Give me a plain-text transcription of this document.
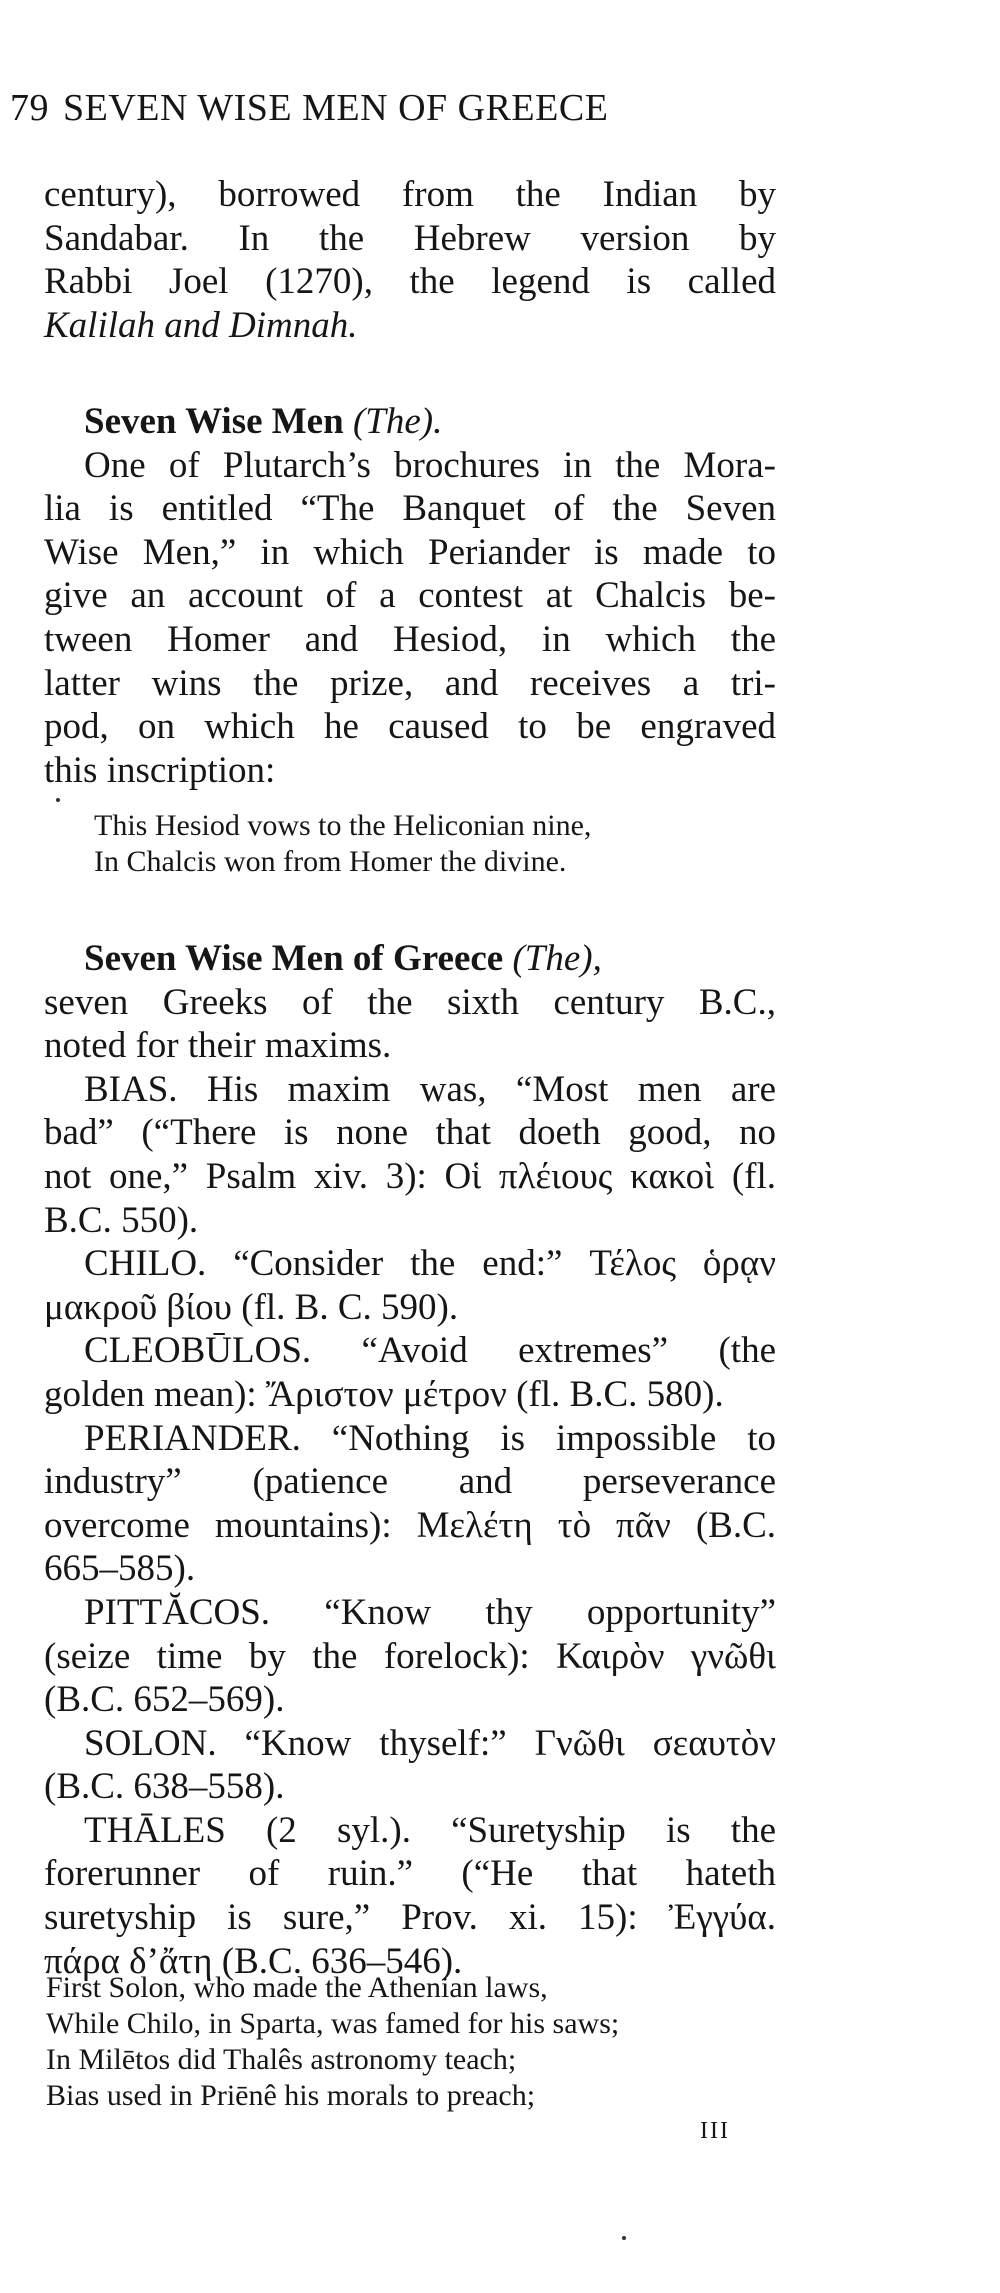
79 SEVEN WISE MEN OF GREECE
century), borrowed from the Indian by
Sandabar. In the Hebrew version by
Rabbi Joel (1270), the legend is called
Kalilah and Dimnah.
Seven Wise Men (The).
One of Plutarch’s brochures in the Mora-
lia is entitled “The Banquet of the Seven
Wise Men,” in which Periander is made to
give an account of a contest at Chalcis be-
tween Homer and Hesiod, in which the
latter wins the prize, and receives a tri-
pod, on which he caused to be engraved
this inscription:
This Hesiod vows to the Heliconian nine,
In Chalcis won from Homer the divine.
Seven Wise Men of Greece (The),
seven Greeks of the sixth century B.C.,
noted for their maxims.
BIAS. His maxim was, “Most men are
bad” (“There is none that doeth good, no
not one,” Psalm xiv. 3): Οἱ πλέιους κακοὶ (fl.
B.C. 550).
CHILO. “Consider the end:” Τέλος ὁρᾳν
μακροῦ βίου (fl. B. C. 590).
CLEOBŪLOS. “Avoid extremes” (the
golden mean): Ἄριστον μέτρον (fl. B.C. 580).
PERIANDER. “Nothing is impossible to
industry” (patience and perseverance
overcome mountains): Μελέτη τὸ πᾶν (B.C.
665–585).
PITTĂCOS. “Know thy opportunity”
(seize time by the forelock): Καιρὸν γνῶθι
(B.C. 652–569).
SOLON. “Know thyself:” Γνῶθι σεαυτὸν
(B.C. 638–558).
THĀLES (2 syl.). “Suretyship is the
forerunner of ruin.” (“He that hateth
suretyship is sure,” Prov. xi. 15): Ἐγγύα.
πάρα δ’ἄτη (B.C. 636–546).
First Solon, who made the Athenian laws,
While Chilo, in Sparta, was famed for his saws;
In Milētos did Thalês astronomy teach;
Bias used in Priēnê his morals to preach;
III
